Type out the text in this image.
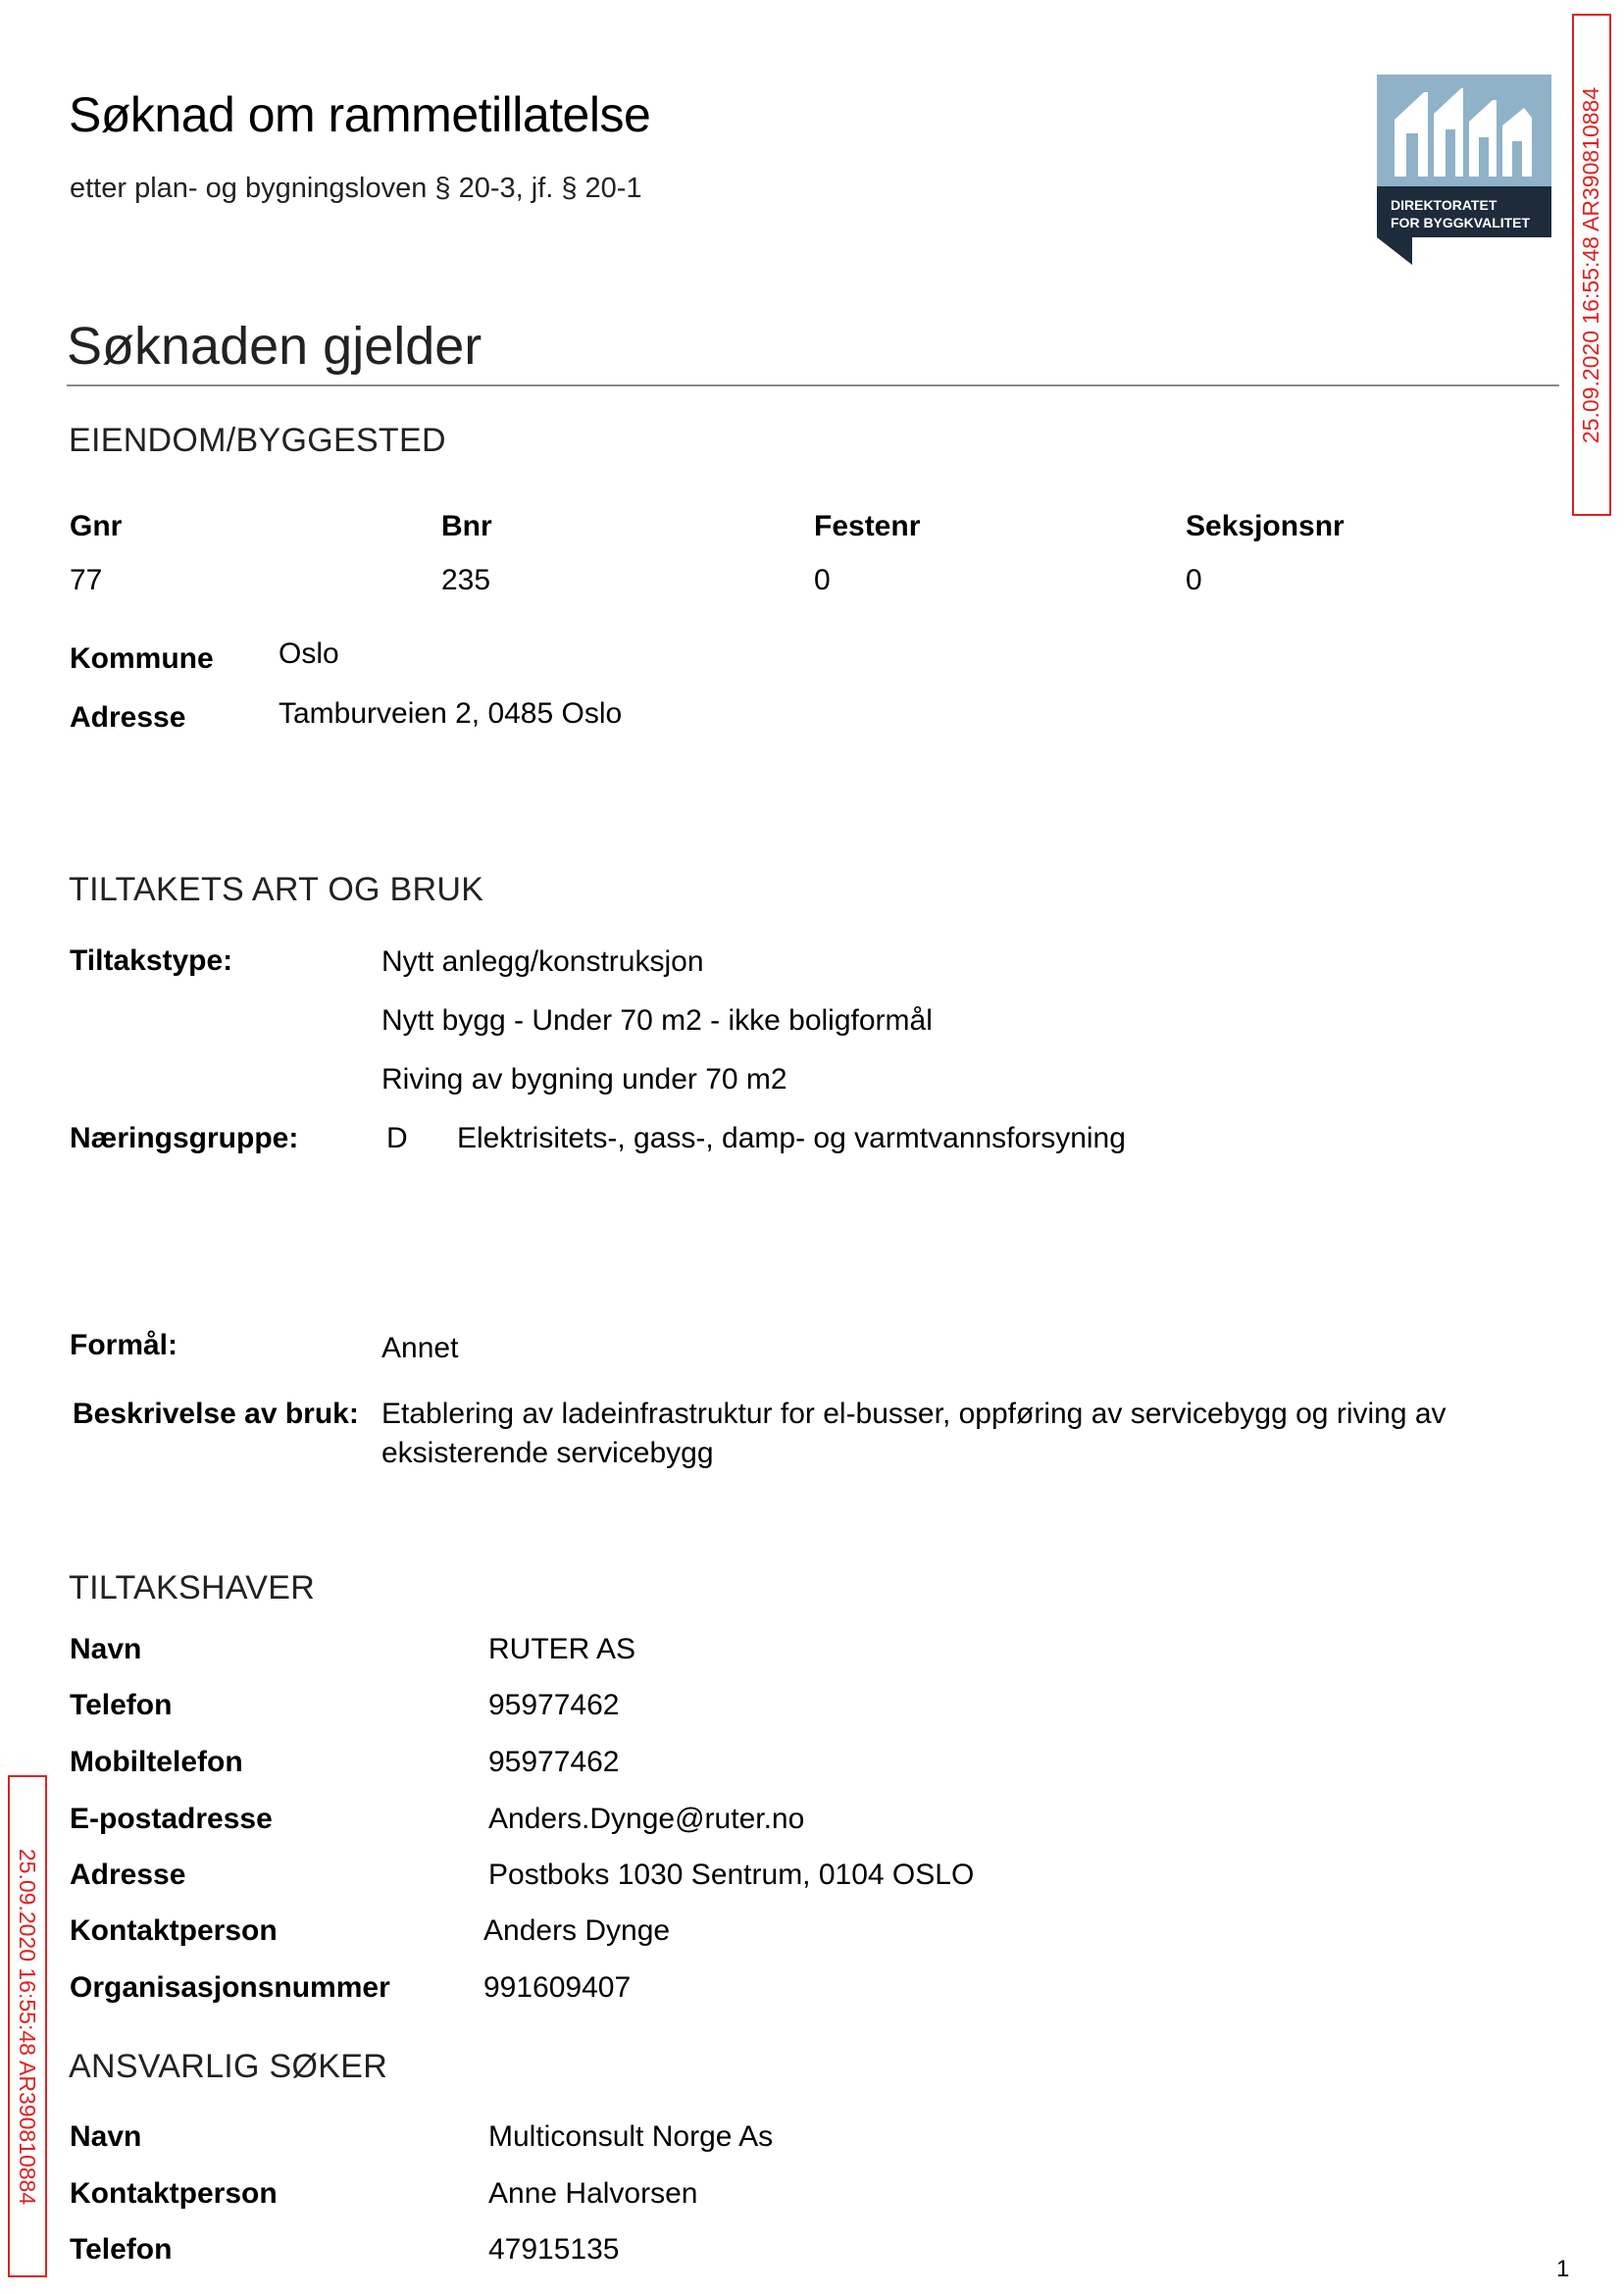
Søknad om rammetillatelse
etter plan- og bygningsloven § 20-3, jf. § 20-1
DIREKTORATET
FOR BYGGKVALITET 25.09.2020 16:55:48 AR390810884
25.09.2020 16:55:48 AR390810884
Søknaden gjelder
EIENDOM/BYGGESTED
Gnr	Bnr	Festenr	Seksjonsnr
77	235	0	0
Kommune Oslo
Adresse	Tamburveien 2, 0485 Oslo
TILTAKETS ART OG BRUK
Tiltakstype:	Nytt anlegg/konstruksjon
Nytt bygg - Under 70 m2 - ikke boligformål
Riving av bygning under 70 m2
Næringsgruppe:	D Elektrisitets-, gass-, damp- og varmtvannsforsyning
Formål:	Annet
Beskrivelse av bruk: Etablering av ladeinfrastruktur for el-busser, oppføring av servicebygg og riving av
eksisterende servicebygg
TILTAKSHAVER
Navn	RUTER AS
Telefon	95977462
Mobiltelefon	95977462
E-postadresse	Anders.Dynge@ruter.no
Adresse	Postboks 1030 Sentrum, 0104 OSLO
Kontaktperson	Anders Dynge
Organisasjonsnummer	991609407
ANSVARLIG SØKER
Navn	Multiconsult Norge As
Kontaktperson	Anne Halvorsen
Telefon	47915135
1
